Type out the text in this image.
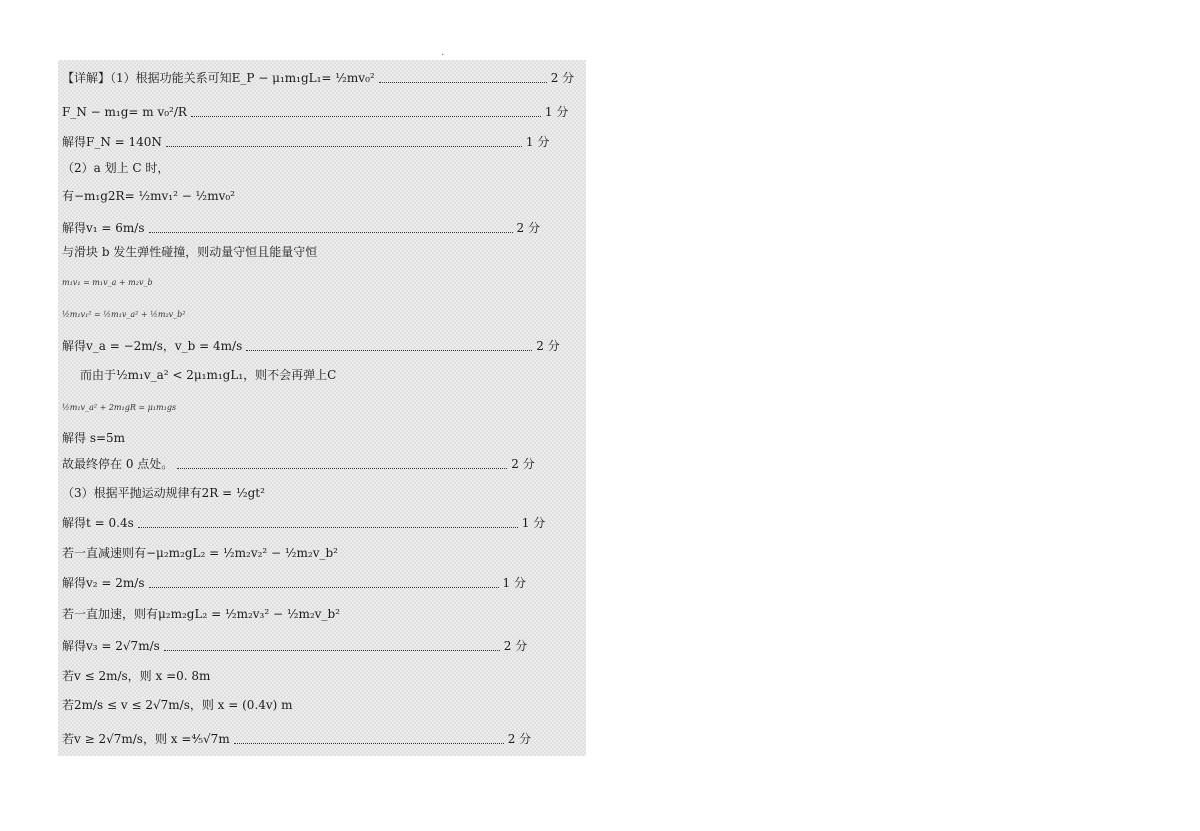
·
【详解】（1）根据功能关系可知E_P − μ₁m₁gL₁= ½mv₀²	2 分
F_N − m₁g= m v₀²/R	1 分
解得F_N = 140N	1 分
（2）a 划上 C 时，
有−m₁g2R= ½mv₁² − ½mv₀²
解得v₁ = 6m/s	2 分
与滑块 b 发生弹性碰撞，则动量守恒且能量守恒
m₁v₁ = m₁v_a + m₂v_b
½m₁v₁² = ½m₁v_a² + ½m₂v_b²
解得v_a = −2m/s，v_b = 4m/s	2 分
而由于½m₁v_a² < 2μ₁m₁gL₁，则不会再弹上C
½m₁v_a² + 2m₁gR = μ₁m₁gs
解得 s=5m
故最终停在 0 点处。	2 分
（3）根据平抛运动规律有2R = ½gt²
解得t = 0.4s	1 分
若一直减速则有−μ₂m₂gL₂ = ½m₂v₂² − ½m₂v_b²
解得v₂ = 2m/s	1 分
若一直加速，则有μ₂m₂gL₂ = ½m₂v₃² − ½m₂v_b²
解得v₃ = 2√7m/s	2 分
若v ≤ 2m/s，则 x =0. 8m
若2m/s ≤ v ≤ 2√7m/s，则 x = (0.4v) m
若v ≥ 2√7m/s，则 x =⁴⁄₅√7m	2 分
